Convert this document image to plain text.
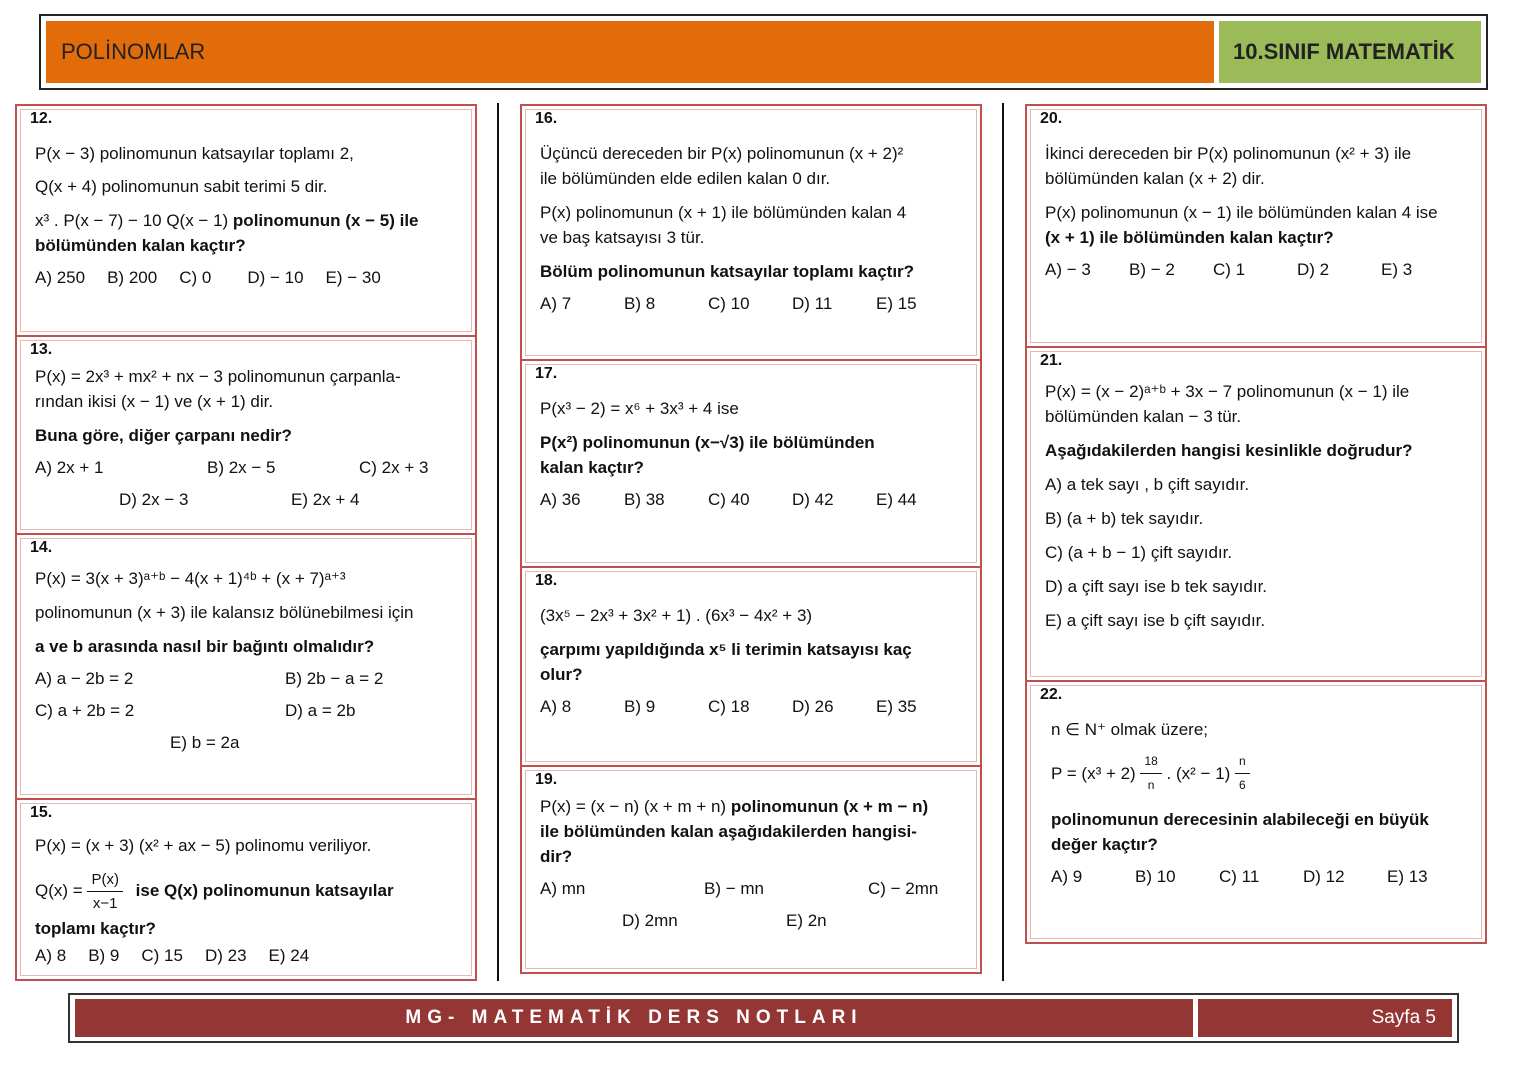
POLİNOMLAR	10.SINIF MATEMATİK
12.
P(x − 3) polinomunun katsayılar toplamı 2,
Q(x + 4) polinomunun sabit terimi 5 dir.
x³ . P(x − 7) − 10 Q(x − 1) polinomunun (x − 5) ile
bölümünden kalan kaçtır?
A) 250 B) 200 C) 0 D) − 10 E) − 30
13.
P(x) = 2x³ + mx² + nx − 3 polinomunun çarpanla-
rından ikisi (x − 1) ve (x + 1) dir.
Buna göre, diğer çarpanı nedir?
A) 2x + 1	B) 2x − 5	C) 2x + 3
D) 2x − 3	E) 2x + 4
14.
P(x) = 3(x + 3)ᵃ⁺ᵇ − 4(x + 1)⁴ᵇ + (x + 7)ᵃ⁺³
polinomunun (x + 3) ile kalansız bölünebilmesi için
a ve b arasında nasıl bir bağıntı olmalıdır?
A) a − 2b = 2	B) 2b − a = 2
C) a + 2b = 2	D) a = 2b
E) b = 2a
15.
P(x) = (x + 3) (x² + ax − 5) polinomu veriliyor.
$Q(x) = \frac{P(x)}{x-1}$ ise Q(x) polinomunun katsayılar
toplamı kaçtır?
A) 8 B) 9 C) 15 D) 23 E) 24
16.
Üçüncü dereceden bir P(x) polinomunun (x + 2)²
ile bölümünden elde edilen kalan 0 dır.
P(x) polinomunun (x + 1) ile bölümünden kalan 4
ve baş katsayısı 3 tür.
Bölüm polinomunun katsayılar toplamı kaçtır?
A) 7	B) 8	C) 10	D) 11	E) 15
17.
P(x³ − 2) = x⁶ + 3x³ + 4 ise
P(x²) polinomunun (x−√3) ile bölümünden
kalan kaçtır?
A) 36	B) 38	C) 40	D) 42	E) 44
18.
(3x⁵ − 2x³ + 3x² + 1) . (6x³ − 4x² + 3)
çarpımı yapıldığında x⁵ li terimin katsayısı kaç
olur?
A) 8	B) 9	C) 18	D) 26	E) 35
19.
P(x) = (x − n) (x + m + n) polinomunun (x + m − n)
ile bölümünden kalan aşağıdakilerden hangisi-
dir?
A) mn	B) − mn	C) − 2mn
D) 2mn	E) 2n
20.
İkinci dereceden bir P(x) polinomunun (x² + 3) ile
bölümünden kalan (x + 2) dir.
P(x) polinomunun (x − 1) ile bölümünden kalan 4 ise
(x + 1) ile bölümünden kalan kaçtır?
A) − 3	B) − 2	C) 1	D) 2	E) 3
21.
P(x) = (x − 2)ᵃ⁺ᵇ + 3x − 7 polinomunun (x − 1) ile
bölümünden kalan − 3 tür.
Aşağıdakilerden hangisi kesinlikle doğrudur?
A) a tek sayı , b çift sayıdır.
B) (a + b) tek sayıdır.
C) (a + b − 1) çift sayıdır.
D) a çift sayı ise b tek sayıdır.
E) a çift sayı ise b çift sayıdır.
22.
n ∈ N⁺ olmak üzere;
$P = (x^3 + 2) \frac{18}{n}$ . $(x^2 - 1) \frac{n}{6}$
polinomunun derecesinin alabileceği en büyük
değer kaçtır?
A) 9	B) 10	C) 11	D) 12	E) 13
MG- MATEMATİK DERS NOTLARI	Sayfa 5
